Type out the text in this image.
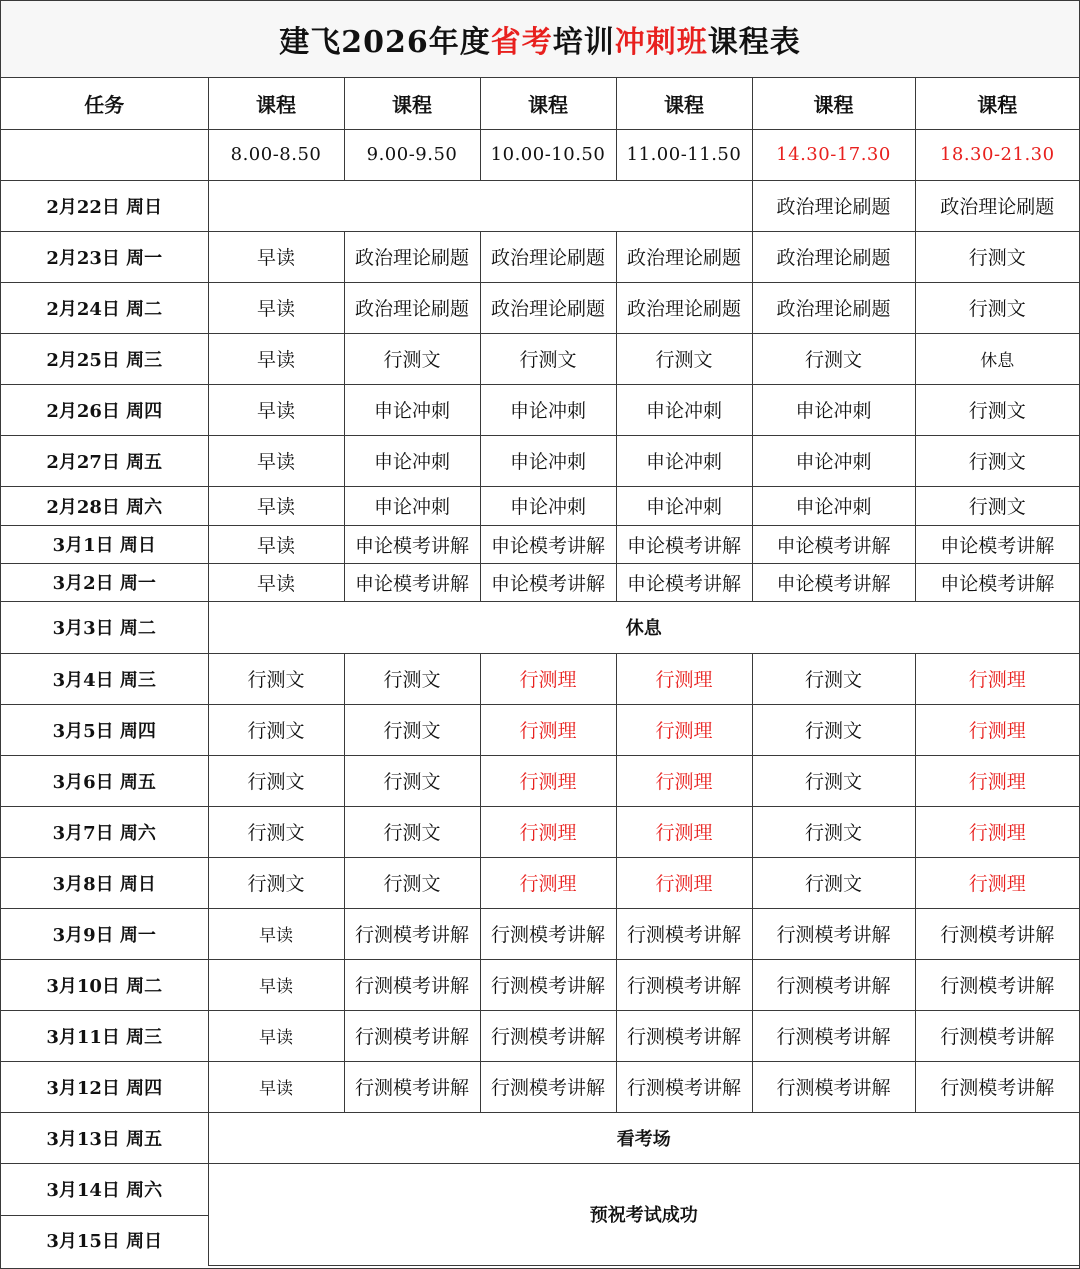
建飞2026年度 省考 培训 冲刺班 课程表
任务	课程	课程	课程	课程	课程	课程
	8.00-8.50	9.00-9.50	10.00-10.50	11.00-11.50	14.30-17.30	18.30-21.30
2月22日 周日					政治理论刷题	政治理论刷题
2月23日 周一	早读	政治理论刷题	政治理论刷题	政治理论刷题	政治理论刷题	行测文
2月24日 周二	早读	政治理论刷题	政治理论刷题	政治理论刷题	政治理论刷题	行测文
2月25日 周三	早读	行测文	行测文	行测文	行测文	休息
2月26日 周四	早读	申论冲刺	申论冲刺	申论冲刺	申论冲刺	行测文
2月27日 周五	早读	申论冲刺	申论冲刺	申论冲刺	申论冲刺	行测文
2月28日 周六	早读	申论冲刺	申论冲刺	申论冲刺	申论冲刺	行测文
3月1日 周日	早读	申论模考讲解	申论模考讲解	申论模考讲解	申论模考讲解	申论模考讲解
3月2日 周一	早读	申论模考讲解	申论模考讲解	申论模考讲解	申论模考讲解	申论模考讲解
3月3日 周二	休息					
3月4日 周三	行测文	行测文	行测理	行测理	行测文	行测理
3月5日 周四	行测文	行测文	行测理	行测理	行测文	行测理
3月6日 周五	行测文	行测文	行测理	行测理	行测文	行测理
3月7日 周六	行测文	行测文	行测理	行测理	行测文	行测理
3月8日 周日	行测文	行测文	行测理	行测理	行测文	行测理
3月9日 周一	早读	行测模考讲解	行测模考讲解	行测模考讲解	行测模考讲解	行测模考讲解
3月10日 周二	早读	行测模考讲解	行测模考讲解	行测模考讲解	行测模考讲解	行测模考讲解
3月11日 周三	早读	行测模考讲解	行测模考讲解	行测模考讲解	行测模考讲解	行测模考讲解
3月12日 周四	早读	行测模考讲解	行测模考讲解	行测模考讲解	行测模考讲解	行测模考讲解
3月13日 周五	看考场					
3月14日 周六	预祝考试成功					
3月15日 周日						
